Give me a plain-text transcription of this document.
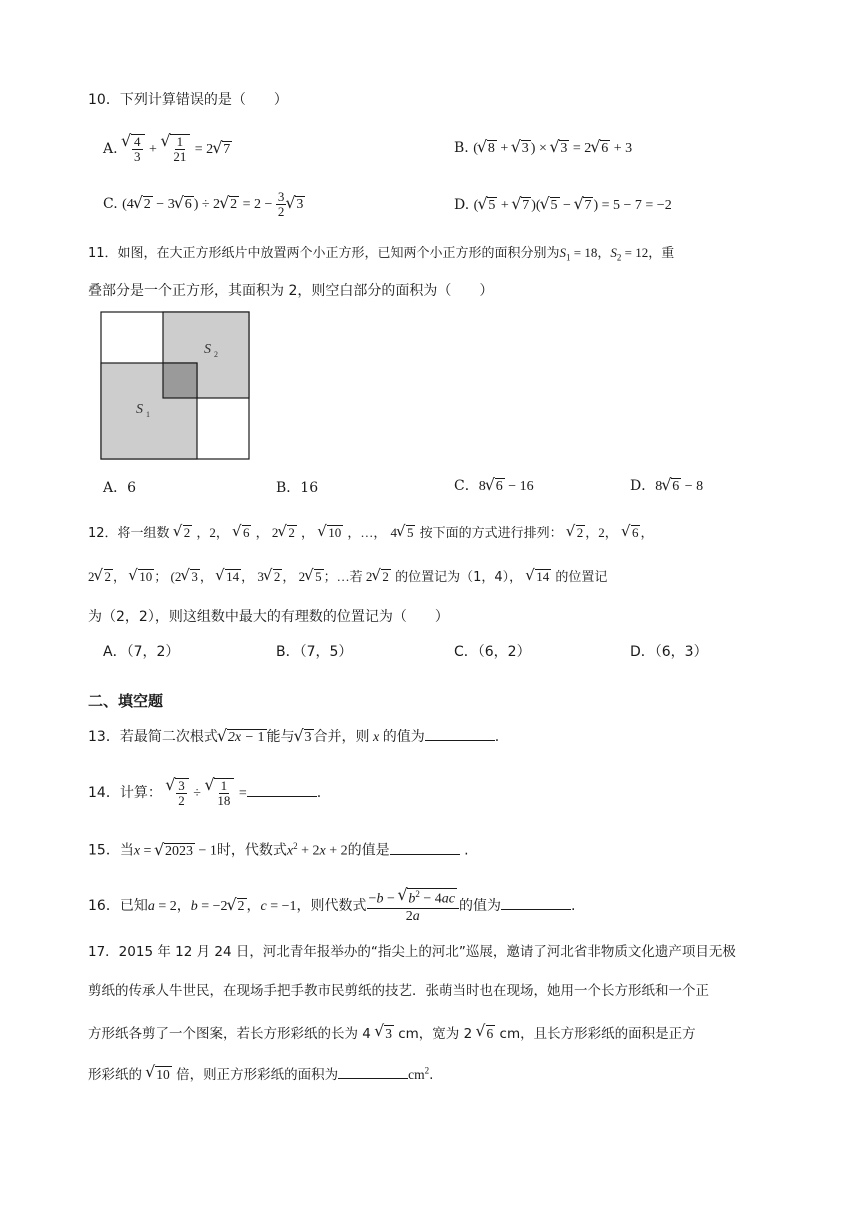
10．下列计算错误的是（　　）
A.
√ $\frac{4}{3}$ +
√ $\frac{1}{21} = 2√$ 7	B. (√ 8 + √ 3 ) × √ 3 = 2√ 6 + 3
C. (4√ 2 − 3√ 6 ) ÷ 2√ $2 = 2 - \frac{3}{2}$
√ 3	D. (√ 5 + √ 7 )(√ 5 − √ 7 ) = 5 − 7 = −2
11．如图，在大正方形纸片中放置两个小正方形，已知两个小正方形的面积分别为$S_1 = 18$，$S_2 = 12$，重
叠部分是一个正方形，其面积为 2，则空白部分的面积为（　　）
S 2
S 1
A．6	B．16	C．8√ 6 − 16	D．8√ 6 − 8
12．将一组数 √ 2 ，2， √ 6 ， 2√ 2 ， √ 10 ，…， 4√ 5 按下面的方式进行排列： √ 2 ，2， √ 6 ，
2√ 2 ， √ 10 ； (2√ 3 ， √ 14 ， 3√ 2 ， 2√ 5 ；…若 2√ 2 的位置记为（1，4）， √ 14 的位置记
为（2，2），则这组数中最大的有理数的位置记为（　　）
A．（7，2）	B．（7，5）	C．（6，2）	D．（6，3）
二、填空题
13．若最简二次根式√ 2x − 1 能与√ 3 合并，则 x 的值为	.
14．计算：
√ $\frac{3}{2}$ ÷
√ $\frac{1}{18}$ =	.
15．当x = √ 2023 − 1时，代数式$x^2 + 2x + 2$的值是	.
16．已知a = 2，b = −2√ 2 ，c = −1，则代数式 $\frac{-b - √ b^2 - 4ac}{2a}$ 的值为	.
17．2015 年 12 月 24 日，河北青年报举办的“指尖上的河北”巡展，邀请了河北省非物质文化遗产项目无极
剪纸的传承人牛世民，在现场手把手教市民剪纸的技艺．张萌当时也在现场，她用一个长方形纸和一个正
方形纸各剪了一个图案，若长方形彩纸的长为 4 √ 3 cm，宽为 2 √ 6 cm，且长方形彩纸的面积是正方
形彩纸的 √ 10 倍，则正方形彩纸的面积为	$cm^2$.
